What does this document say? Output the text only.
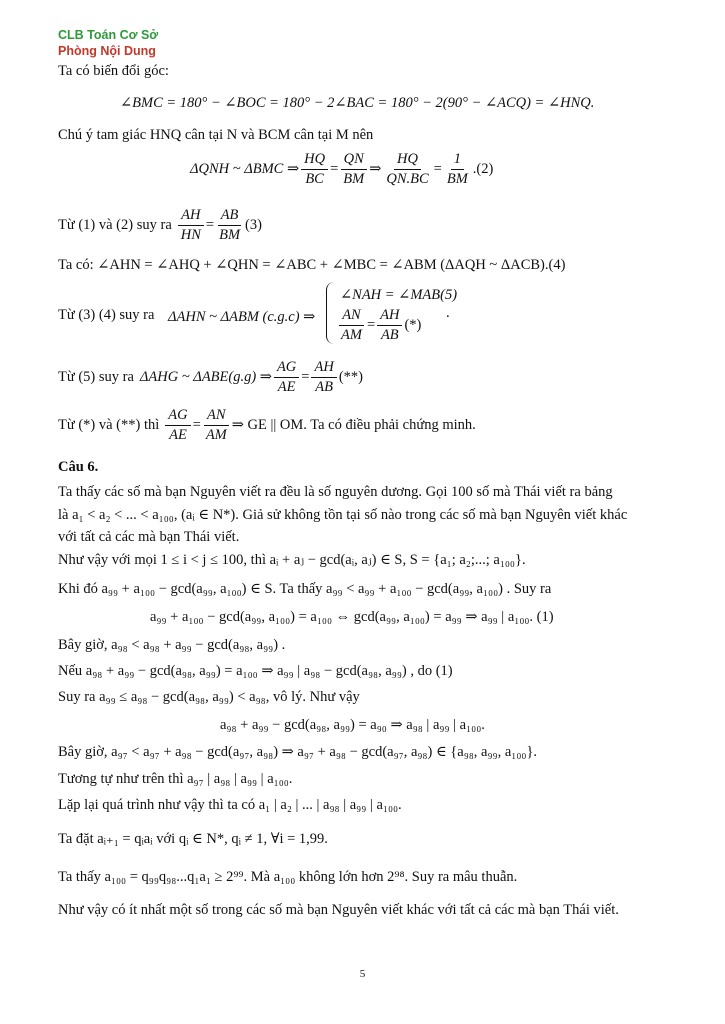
CLB Toán Cơ Sở
Phòng Nội Dung
Ta có biến đổi góc:
∠BMC = 180° − ∠BOC = 180° − 2∠BAC = 180° − 2(90° − ∠ACQ) = ∠HNQ.
Chú ý tam giác HNQ cân tại N và BCM cân tại M nên
ΔQNH ~ ΔBMC ⇒ $\frac{HQ}{BC} = \frac{QN}{BM}$ ⇒ $\frac{HQ}{QN.BC} = \frac{1}{BM} .(2)$
Từ (1) và (2) suy ra $\frac{AH}{HN} = \frac{AB}{BM} (3)$
Ta có: ∠AHN = ∠AHQ + ∠QHN = ∠ABC + ∠MBC = ∠ABM (ΔAQH ~ ΔACB).(4)
Từ (3) (4) suy ra ΔAHN ~ ΔABM (c.g.c) ⇒
∠NAH = ∠MAB(5)
$\frac{AN}{AM} = \frac{AH}{AB}$ (*)
.
Từ (5) suy ra ΔAHG ~ ΔABE(g.g) ⇒ $\frac{AG}{AE} = \frac{AH}{AB}$ (**)
Từ (*) và (**) thì $\frac{AG}{AE} = \frac{AN}{AM}$ ⇒ GE || OM. Ta có điều phải chứng minh.
Câu 6.
Ta thấy các số mà bạn Nguyên viết ra đều là số nguyên dương. Gọi 100 số mà Thái viết ra bảng
là a₁ < a₂ < ... < a₁₀₀, (aᵢ ∈ N*). Giả sử không tồn tại số nào trong các số mà bạn Nguyên viết khác
với tất cả các mà bạn Thái viết.
Như vậy với mọi 1 ≤ i < j ≤ 100, thì aᵢ + aⱼ − gcd(aᵢ, aⱼ) ∈ S, S = {a₁; a₂;...; a₁₀₀}.
Khi đó a₉₉ + a₁₀₀ − gcd(a₉₉, a₁₀₀) ∈ S. Ta thấy a₉₉ < a₉₉ + a₁₀₀ − gcd(a₉₉, a₁₀₀) . Suy ra
a₉₉ + a₁₀₀ − gcd(a₉₉, a₁₀₀) = a₁₀₀ ⇔ gcd(a₉₉, a₁₀₀) = a₉₉ ⇒ a₉₉ | a₁₀₀. (1)
Bây giờ, a₉₈ < a₉₈ + a₉₉ − gcd(a₉₈, a₉₉) .
Nếu a₉₈ + a₉₉ − gcd(a₉₈, a₉₉) = a₁₀₀ ⇒ a₉₉ | a₉₈ − gcd(a₉₈, a₉₉) , do (1)
Suy ra a₉₉ ≤ a₉₈ − gcd(a₉₈, a₉₉) < a₉₈, vô lý. Như vậy
a₉₈ + a₉₉ − gcd(a₉₈, a₉₉) = a₉₀ ⇒ a₉₈ | a₉₉ | a₁₀₀.
Bây giờ, a₉₇ < a₉₇ + a₉₈ − gcd(a₉₇, a₉₈) ⇒ a₉₇ + a₉₈ − gcd(a₉₇, a₉₈) ∈ {a₉₈, a₉₉, a₁₀₀}.
Tương tự như trên thì a₉₇ | a₉₈ | a₉₉ | a₁₀₀.
Lặp lại quá trình như vậy thì ta có a₁ | a₂ | ... | a₉₈ | a₉₉ | a₁₀₀.
Ta đặt aᵢ₊₁ = qᵢaᵢ với qᵢ ∈ N*, qᵢ ≠ 1, ∀i = 1,99.
Ta thấy a₁₀₀ = q₉₉q₉₈...q₁a₁ ≥ 2⁹⁹. Mà a₁₀₀ không lớn hơn 2⁹⁸. Suy ra mâu thuẫn.
Như vậy có ít nhất một số trong các số mà bạn Nguyên viết khác với tất cả các mà bạn Thái viết.
5
